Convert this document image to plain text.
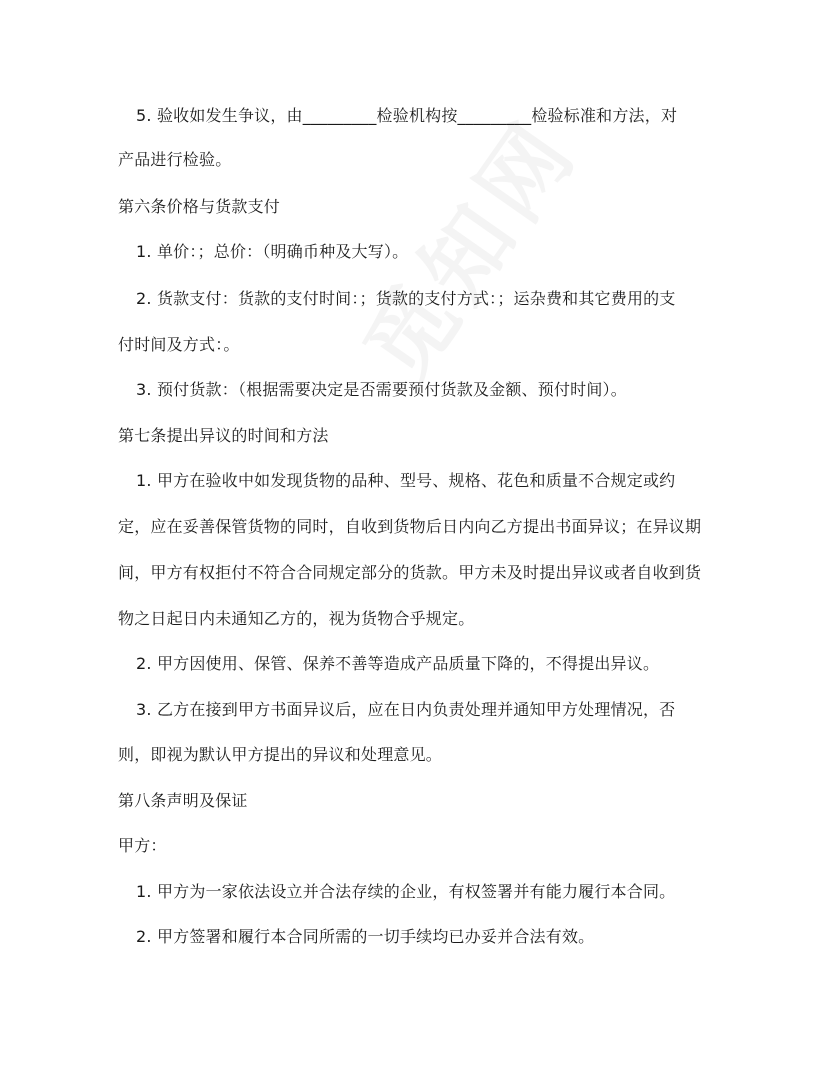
5. 验收如发生争议，由_________检验机构按_________检验标准和方法，对
产品进行检验。
第六条价格与货款支付
1. 单价：；总价：（明确币种及大写）。
2. 货款支付：货款的支付时间：；货款的支付方式：；运杂费和其它费用的支
付时间及方式：。
3. 预付货款：（根据需要决定是否需要预付货款及金额、预付时间）。
第七条提出异议的时间和方法
1. 甲方在验收中如发现货物的品种、型号、规格、花色和质量不合规定或约
定，应在妥善保管货物的同时，自收到货物后日内向乙方提出书面异议；在异议期
间，甲方有权拒付不符合合同规定部分的货款。甲方未及时提出异议或者自收到货
物之日起日内未通知乙方的，视为货物合乎规定。
2. 甲方因使用、保管、保养不善等造成产品质量下降的，不得提出异议。
3. 乙方在接到甲方书面异议后，应在日内负责处理并通知甲方处理情况，否
则，即视为默认甲方提出的异议和处理意见。
第八条声明及保证
甲方：
1. 甲方为一家依法设立并合法存续的企业，有权签署并有能力履行本合同。
2. 甲方签署和履行本合同所需的一切手续均已办妥并合法有效。
